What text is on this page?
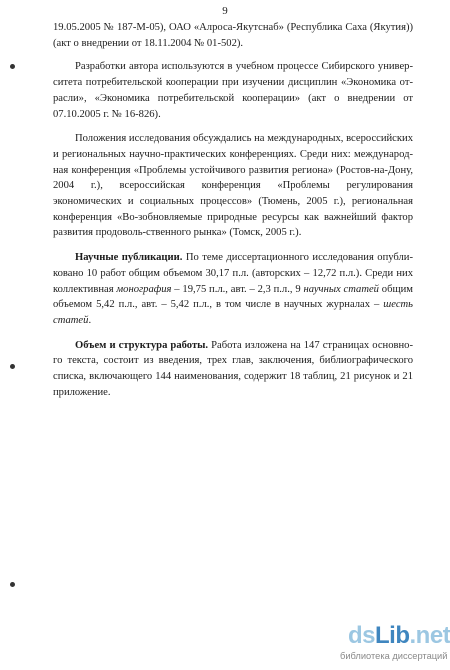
9

19.05.2005 № 187-М-05), ОАО «Алроса-Якутснаб» (Республика Саха (Якутия)) (акт о внедрении от 18.11.2004 № 01-502).

Разработки автора используются в учебном процессе Сибирского универ-ситета потребительской кооперации при изучении дисциплин «Экономика от-расли», «Экономика потребительской кооперации» (акт о внедрении от 07.10.2005 г. № 16-826).

Положения исследования обсуждались на международных, всероссийских и региональных научно-практических конференциях. Среди них: международ-ная конференция «Проблемы устойчивого развития региона» (Ростов-на-Дону, 2004 г.), всероссийская конференция «Проблемы регулирования экономических и социальных процессов» (Тюмень, 2005 г.), региональная конференция «Во-зобновляемые природные ресурсы как важнейший фактор развития продоволь-ственного рынка» (Томск, 2005 г.).

Научные публикации. По теме диссертационного исследования опубли-ковано 10 работ общим объемом 30,17 п.л. (авторских – 12,72 п.л.). Среди них коллективная монография – 19,75 п.л., авт. – 2,3 п.л., 9 научных статей общим объемом 5,42 п.л., авт. – 5,42 п.л., в том числе в научных журналах – шесть статей.

Объем и структура работы. Работа изложена на 147 страницах основно-го текста, состоит из введения, трех глав, заключения, библиографического списка, включающего 144 наименования, содержит 18 таблиц, 21 рисунок и 21 приложение.

dsLib.net
библиотека диссертаций
